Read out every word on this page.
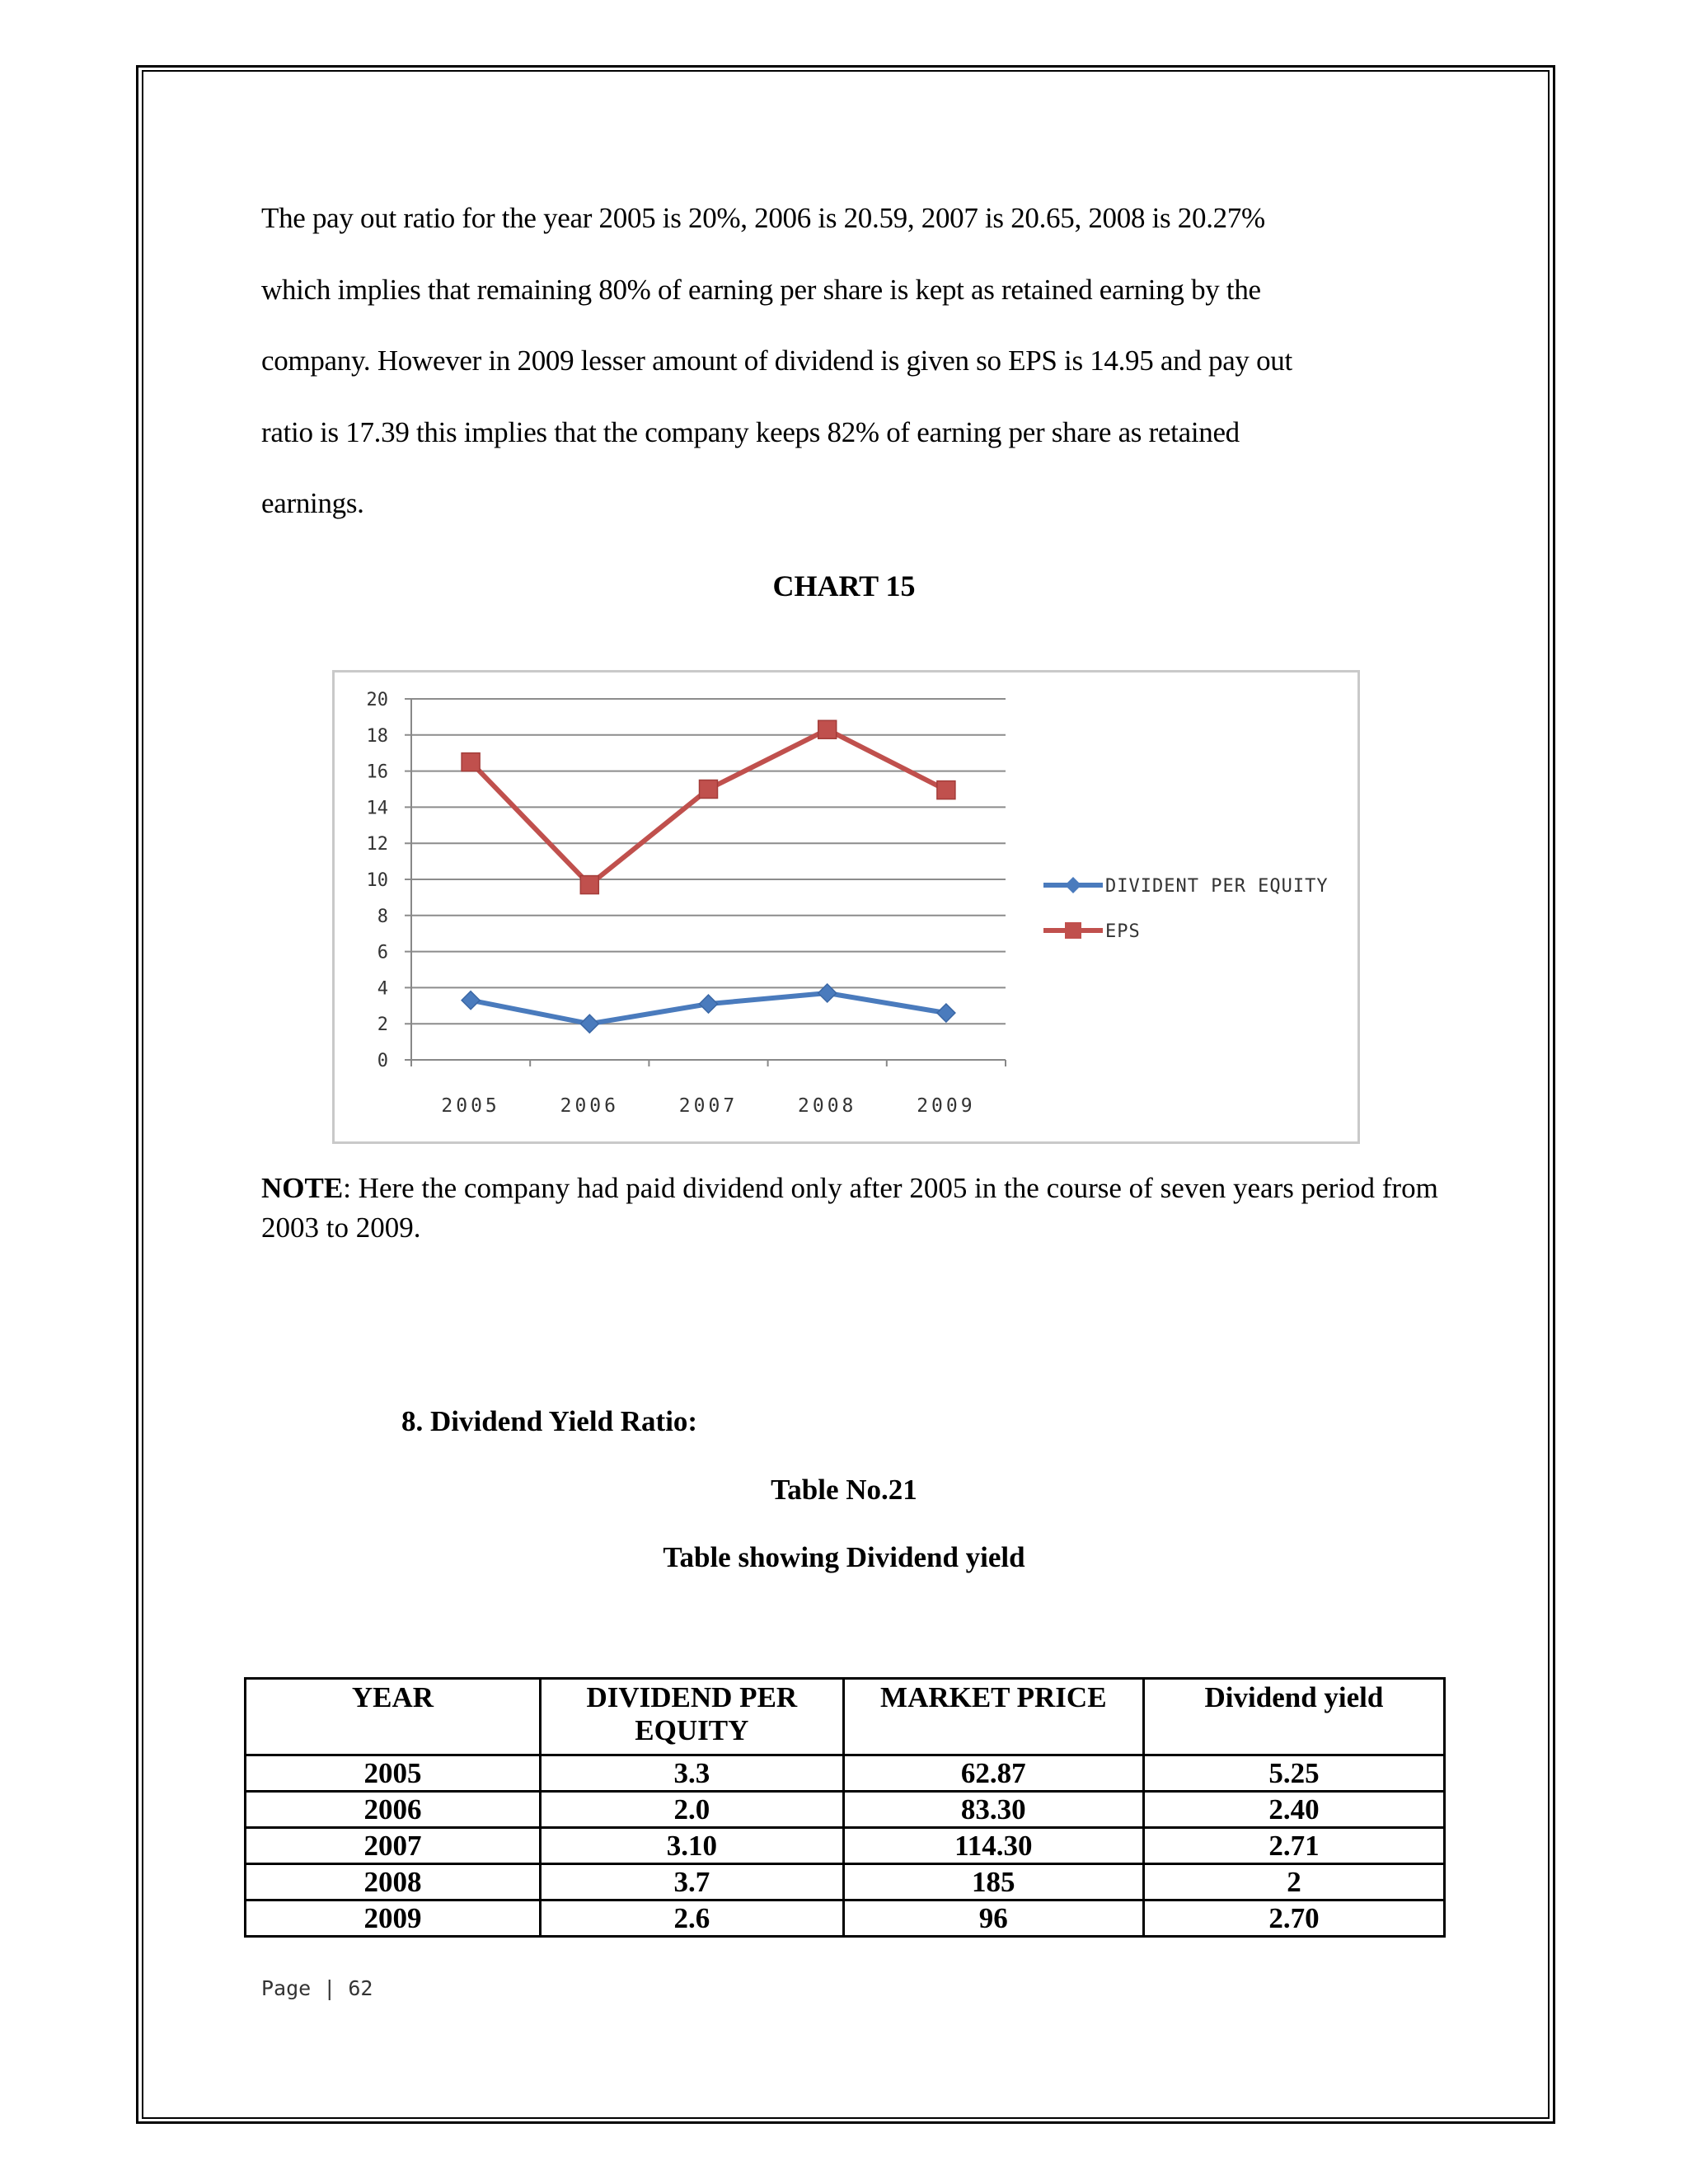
The pay out ratio for the year 2005 is 20%, 2006 is 20.59, 2007 is 20.65, 2008 is 20.27%

which implies that remaining 80% of earning per share is kept as retained earning by the

company. However in 2009 lesser amount of dividend is given so EPS is 14.95 and pay out

ratio is 17.39 this implies that the company keeps 82% of earning per share as retained

earnings.

CHART 15
0
2
4
6
8
10
12
14
16
18
20
2005	2006	2007	2008	2009
DIVIDENT PER EQUITY
EPS
NOTE: Here the company had paid dividend only after 2005 in the course of seven years period from 2003 to 2009.
8. Dividend Yield Ratio:
Table No.21
Table showing Dividend yield
YEAR	DIVIDEND PER EQUITY	MARKET PRICE	Dividend yield
2005	3.3	62.87	5.25
2006	2.0	83.30	2.40
2007	3.10	114.30	2.71
2008	3.7	185	2
2009	2.6	96	2.70
Page | 62
